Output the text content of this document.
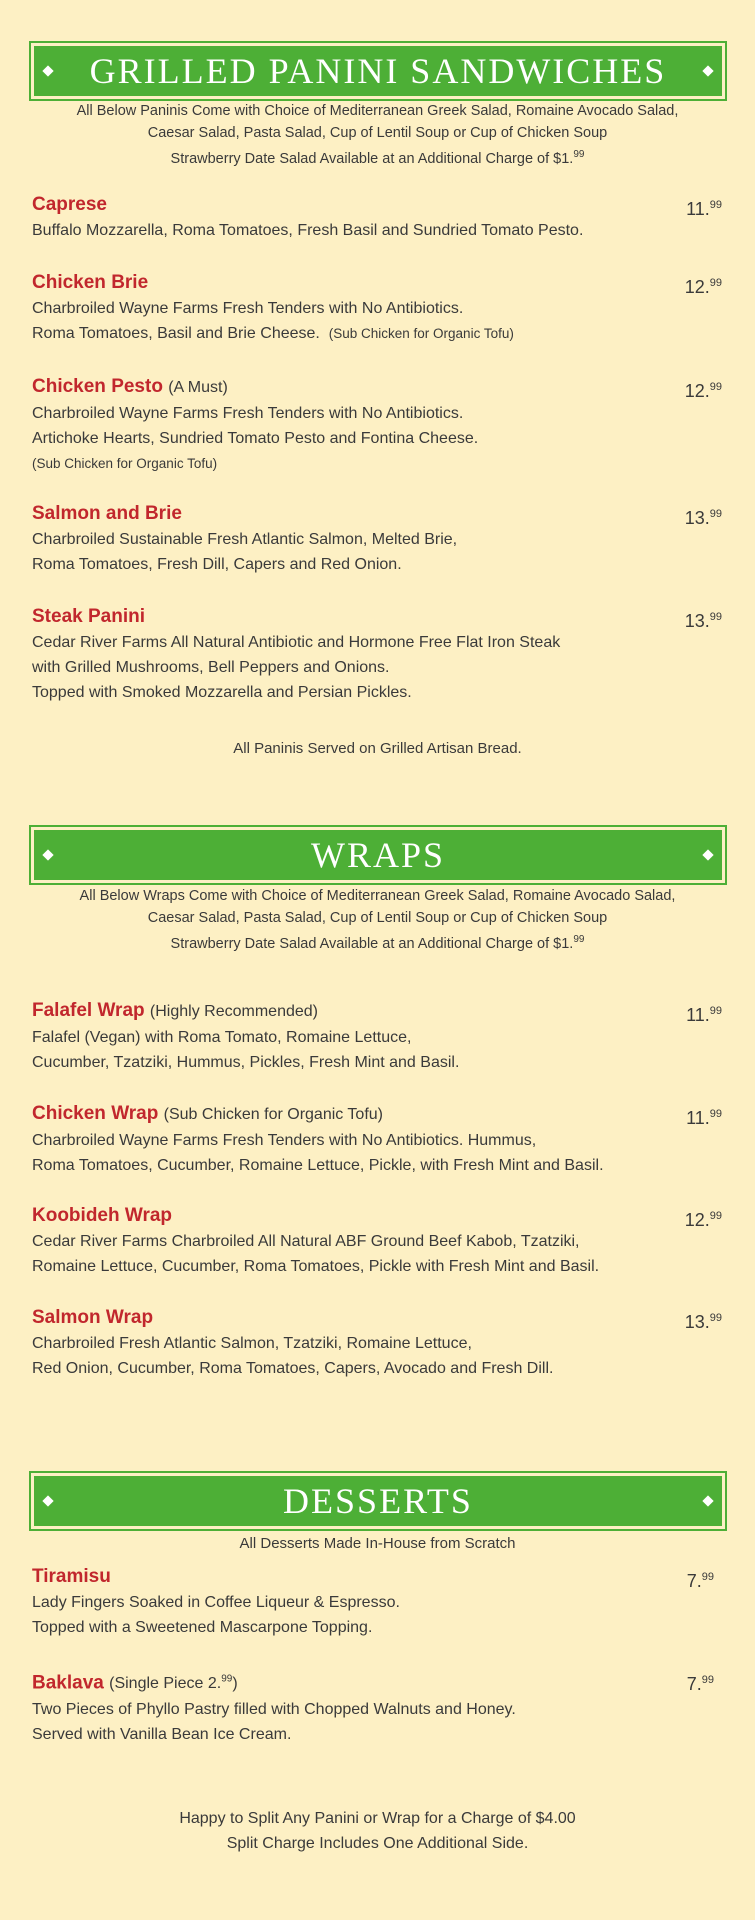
GRILLED PANINI SANDWICHES
All Below Paninis Come with Choice of Mediterranean Greek Salad, Romaine Avocado Salad,
Caesar Salad, Pasta Salad, Cup of Lentil Soup or Cup of Chicken Soup
Strawberry Date Salad Available at an Additional Charge of $1.99
Caprese	11.99
Buffalo Mozzarella, Roma Tomatoes, Fresh Basil and Sundried Tomato Pesto.
Chicken Brie	12.99
Charbroiled Wayne Farms Fresh Tenders with No Antibiotics.
Roma Tomatoes, Basil and Brie Cheese. (Sub Chicken for Organic Tofu)
Chicken Pesto (A Must)	12.99
Charbroiled Wayne Farms Fresh Tenders with No Antibiotics.
Artichoke Hearts, Sundried Tomato Pesto and Fontina Cheese.
(Sub Chicken for Organic Tofu)
Salmon and Brie	13.99
Charbroiled Sustainable Fresh Atlantic Salmon, Melted Brie,
Roma Tomatoes, Fresh Dill, Capers and Red Onion.
Steak Panini	13.99
Cedar River Farms All Natural Antibiotic and Hormone Free Flat Iron Steak
with Grilled Mushrooms, Bell Peppers and Onions.
Topped with Smoked Mozzarella and Persian Pickles.
All Paninis Served on Grilled Artisan Bread.
WRAPS
All Below Wraps Come with Choice of Mediterranean Greek Salad, Romaine Avocado Salad,
Caesar Salad, Pasta Salad, Cup of Lentil Soup or Cup of Chicken Soup
Strawberry Date Salad Available at an Additional Charge of $1.99
Falafel Wrap (Highly Recommended)	11.99
Falafel (Vegan) with Roma Tomato, Romaine Lettuce,
Cucumber, Tzatziki, Hummus, Pickles, Fresh Mint and Basil.
Chicken Wrap (Sub Chicken for Organic Tofu)	11.99
Charbroiled Wayne Farms Fresh Tenders with No Antibiotics. Hummus,
Roma Tomatoes, Cucumber, Romaine Lettuce, Pickle, with Fresh Mint and Basil.
Koobideh Wrap	12.99
Cedar River Farms Charbroiled All Natural ABF Ground Beef Kabob, Tzatziki,
Romaine Lettuce, Cucumber, Roma Tomatoes, Pickle with Fresh Mint and Basil.
Salmon Wrap	13.99
Charbroiled Fresh Atlantic Salmon, Tzatziki, Romaine Lettuce,
Red Onion, Cucumber, Roma Tomatoes, Capers, Avocado and Fresh Dill.
DESSERTS
All Desserts Made In-House from Scratch
Tiramisu	7.99
Lady Fingers Soaked in Coffee Liqueur & Espresso.
Topped with a Sweetened Mascarpone Topping.
Baklava (Single Piece 2.99)	7.99
Two Pieces of Phyllo Pastry filled with Chopped Walnuts and Honey.
Served with Vanilla Bean Ice Cream.
Happy to Split Any Panini or Wrap for a Charge of $4.00
Split Charge Includes One Additional Side.
